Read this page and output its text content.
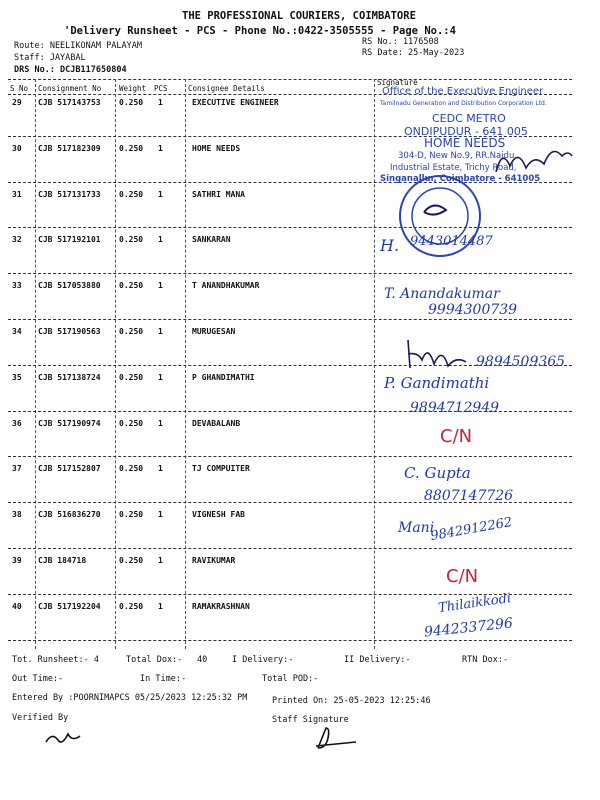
THE PROFESSIONAL COURIERS, COIMBATORE
'Delivery Runsheet - PCS - Phone No.:0422-3505555 - Page No.:4
Route: NEELIKONAM PALAYAM
Staff: JAYABAL
DRS No.: DCJB117650804
RS No.: 1176508
RS Date: 25-May-2023
S No Consignment No Weight PCS	Consignee Details
Signature
29 CJB 517143753 0.250 1	EXECUTIVE ENGINEER
30 CJB 517182309 0.250 1	HOME NEEDS
31 CJB 517131733 0.250 1	SATHRI MANA
32 CJB 517192101 0.250 1	SANKARAN
33 CJB 517053880 0.250 1	T ANANDHAKUMAR
34 CJB 517190563 0.250 1	MURUGESAN
35 CJB 517138724 0.250 1	P GHANDIMATHI
36 CJB 517190974 0.250 1	DEVABALANB
37 CJB 517152807 0.250 1	TJ COMPUITER
38 CJB 516836270 0.250 1	VIGNESH FAB
39 CJB 184718	0.250 1	RAVIKUMAR
40 CJB 517192204 0.250 1	RAMAKRASHNAN
Office of the Executive Engineer
Tamilnadu Generation and Distribution Corporation Ltd.
CEDC METRO
ONDIPUDUR - 641 005
HOME NEEDS
304-D, New No.9, RR.Naidu
Industrial Estate, Trichy Road,
Singanallur, Coimbatore - 641005
H. 9443014487
T. Anandakumar
9994300739
9894509365
P. Gandimathi
9894712949
C/N
C. Gupta
8807147726
Mani
9842912262
C/N
Thilaikkodi
9442337296
Tot. Runsheet:- 4	Total Dox:- 40	I Delivery:-	II Delivery:-	RTN Dox:-
Out Time:-	In Time:-	Total POD:-
Entered By :POORNIMAPCS 05/25/2023 12:25:32 PM	Printed On: 25-05-2023 12:25:46
Verified By	Staff Signature
